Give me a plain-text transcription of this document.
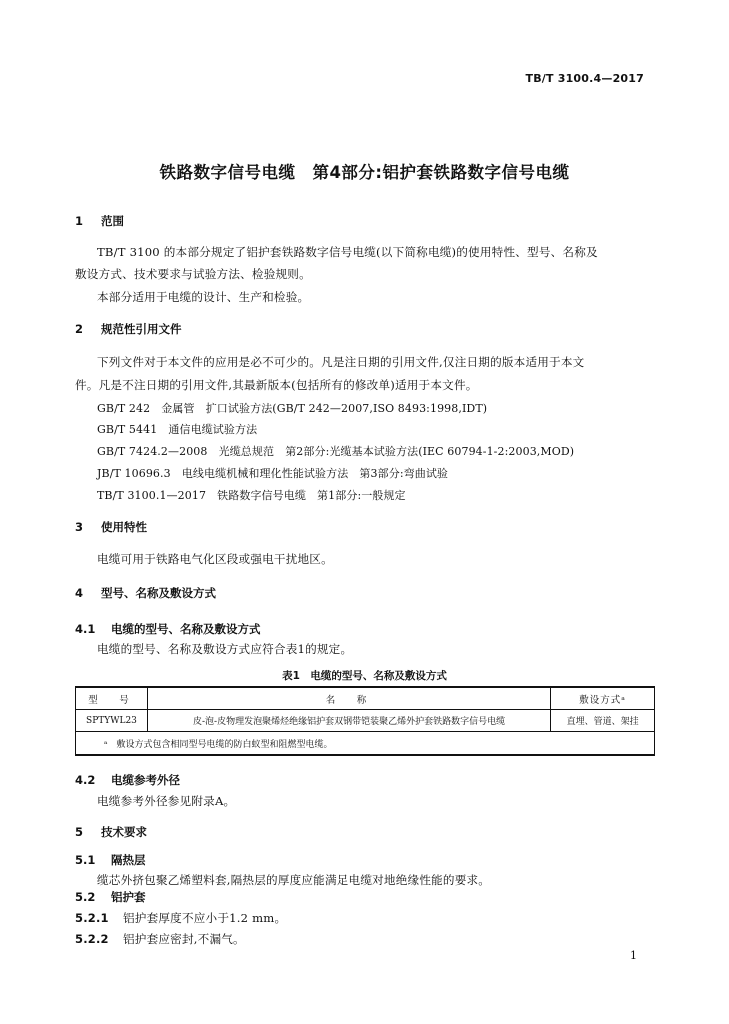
TB/T 3100.4—2017
铁路数字信号电缆　第4部分:铝护套铁路数字信号电缆
1 范围
TB/T 3100 的本部分规定了铝护套铁路数字信号电缆(以下简称电缆)的使用特性、型号、名称及
敷设方式、技术要求与试验方法、检验规则。
本部分适用于电缆的设计、生产和检验。
2 规范性引用文件
下列文件对于本文件的应用是必不可少的。凡是注日期的引用文件,仅注日期的版本适用于本文
件。凡是不注日期的引用文件,其最新版本(包括所有的修改单)适用于本文件。
GB/T 242　金属管　扩口试验方法(GB/T 242—2007,ISO 8493:1998,IDT)
GB/T 5441　通信电缆试验方法
GB/T 7424.2—2008　光缆总规范　第2部分:光缆基本试验方法(IEC 60794-1-2:2003,MOD)
JB/T 10696.3　电线电缆机械和理化性能试验方法　第3部分:弯曲试验
TB/T 3100.1—2017　铁路数字信号电缆　第1部分:一般规定
3 使用特性
电缆可用于铁路电气化区段或强电干扰地区。
4 型号、名称及敷设方式
4.1 电缆的型号、名称及敷设方式
电缆的型号、名称及敷设方式应符合表1的规定。
表1　电缆的型号、名称及敷设方式
型　号	名　称	敷设方式ᵃ
SPTYWL23	皮-泡-皮物理发泡聚烯烃绝缘铝护套双钢带铠装聚乙烯外护套铁路数字信号电缆	直埋、管道、架挂
ᵃ　敷设方式包含相同型号电缆的防白蚁型和阻燃型电缆。		
4.2 电缆参考外径
电缆参考外径参见附录A。
5 技术要求
5.1 隔热层
缆芯外挤包聚乙烯塑料套,隔热层的厚度应能满足电缆对地绝缘性能的要求。
5.2 铝护套
5.2.1 铝护套厚度不应小于1.2 mm。
5.2.2 铝护套应密封,不漏气。
1
